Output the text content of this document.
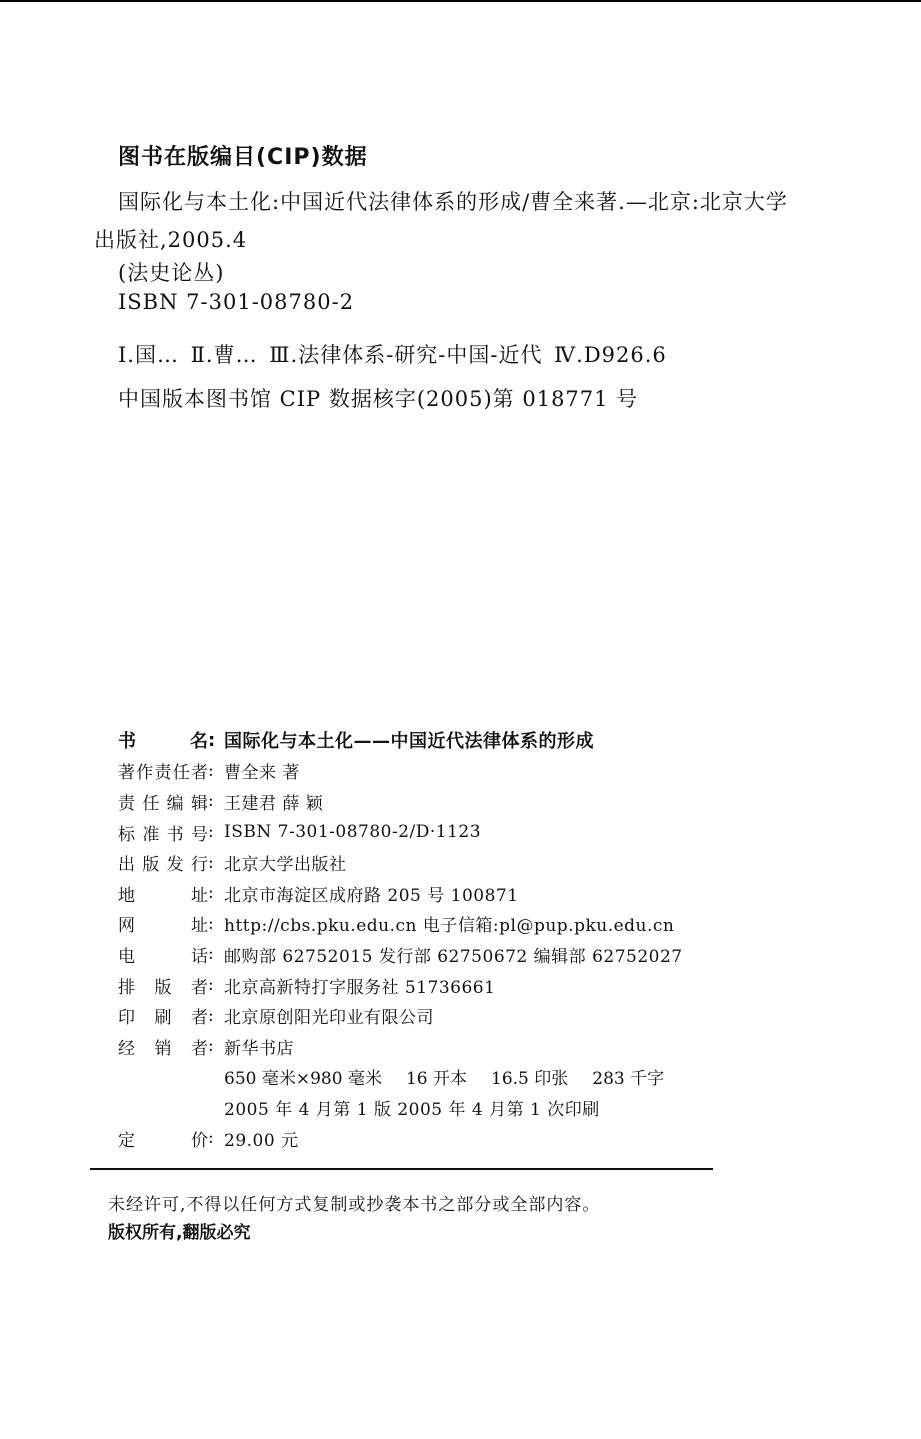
图书在版编目(CIP)数据
国际化与本土化:中国近代法律体系的形成/曹全来著.—北京:北京大学
出版社,2005.4
(法史论丛)
ISBN 7-301-08780-2
Ⅰ.国… Ⅱ.曹… Ⅲ.法律体系-研究-中国-近代 Ⅳ.D926.6
中国版本图书馆 CIP 数据核字(2005)第 018771 号
书	名 : 国际化与本土化——中国近代法律体系的形成
著 作 责 任 者 : 曹全来 著
责 任 编 辑 : 王建君 薛 颖
标 准 书 号 : ISBN 7-301-08780-2/D·1123
出 版 发 行 : 北京大学出版社
地	址 : 北京市海淀区成府路 205 号 100871
网	址 : http://cbs.pku.edu.cn 电子信箱:pl@pup.pku.edu.cn
电	话 : 邮购部 62752015 发行部 62750672 编辑部 62752027
排 版 者 : 北京高新特打字服务社 51736661
印 刷 者 : 北京原创阳光印业有限公司
经 销 者 : 新华书店
650 毫米×980 毫米 16 开本 16.5 印张 283 千字
2005 年 4 月第 1 版 2005 年 4 月第 1 次印刷
定	价 : 29.00 元
未经许可,不得以任何方式复制或抄袭本书之部分或全部内容。
版权所有,翻版必究
